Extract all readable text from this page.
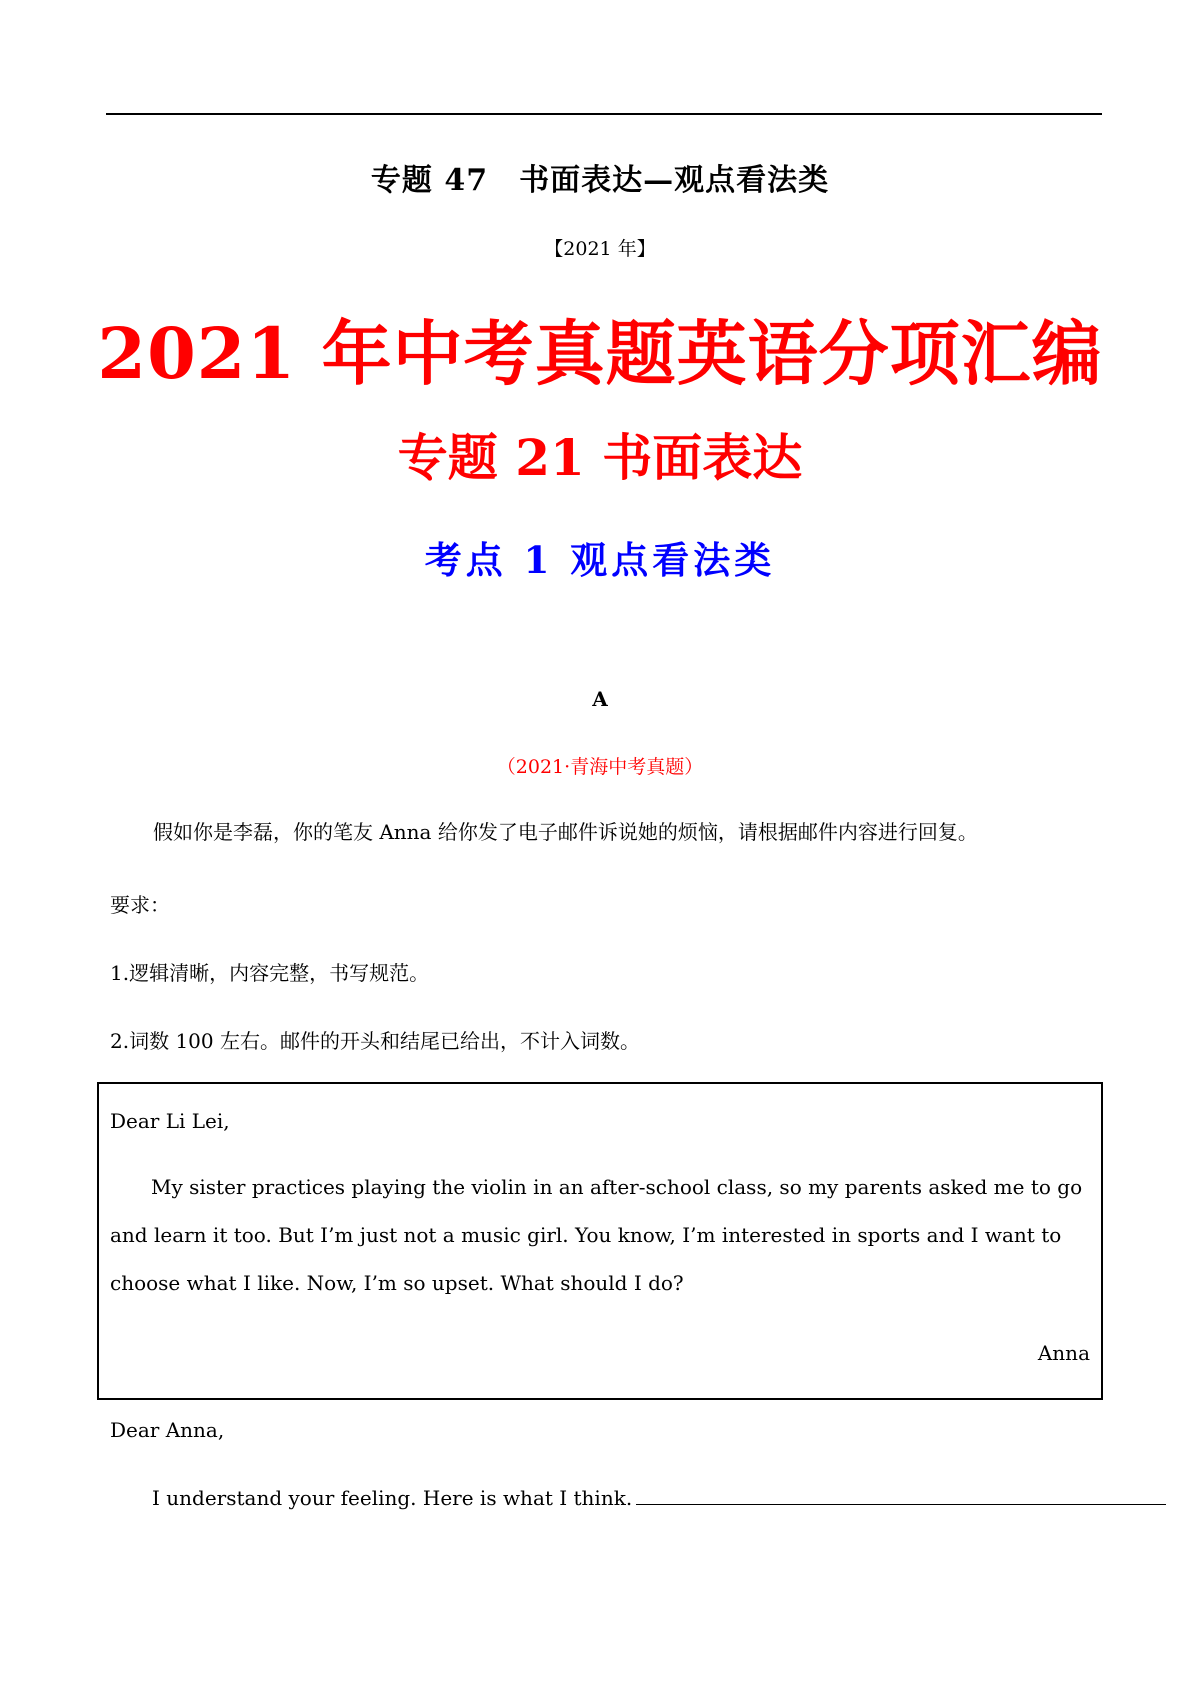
专题 47　书面表达—观点看法类
【2021 年】
2021 年中考真题英语分项汇编
专题 21 书面表达
考点 1 观点看法类
A
（2021·青海中考真题）
假如你是李磊，你的笔友 Anna 给你发了电子邮件诉说她的烦恼，请根据邮件内容进行回复。
要求：
1.逻辑清晰，内容完整，书写规范。
2.词数 100 左右。邮件的开头和结尾已给出，不计入词数。
Dear Li Lei,
My sister practices playing the violin in an after-school class, so my parents asked me to go and learn it too. But I’m just not a music girl. You know, I’m interested in sports and I want to choose what I like. Now, I’m so upset. What should I do?
Anna
Dear Anna,
I understand your feeling. Here is what I think.
